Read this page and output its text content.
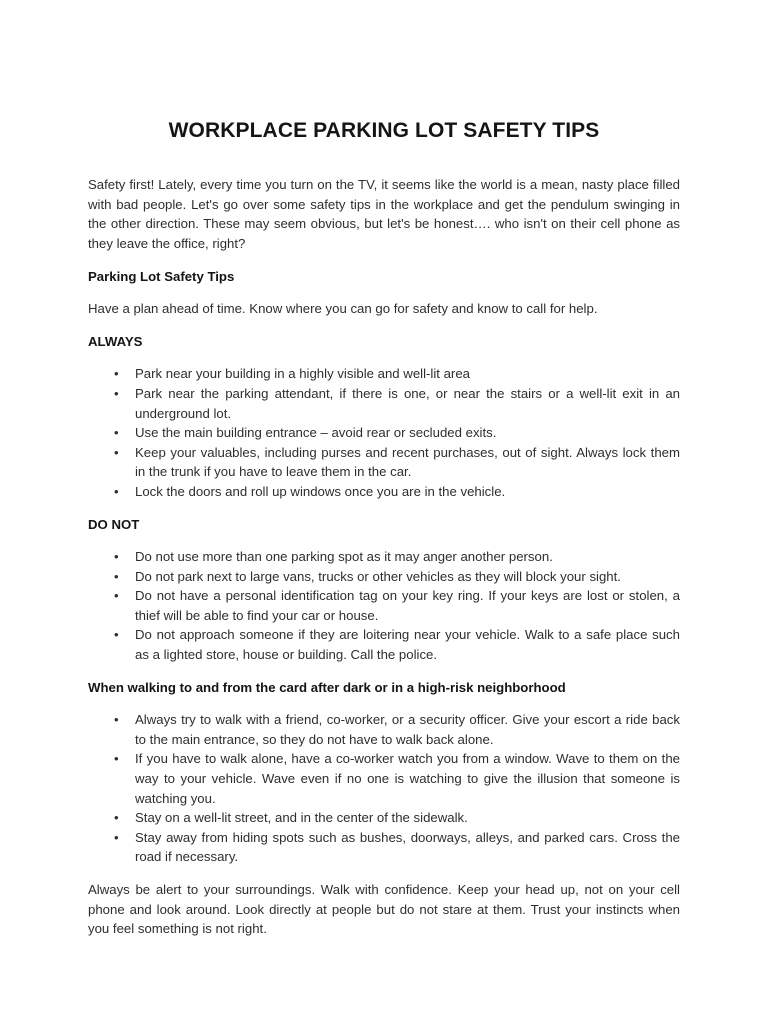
WORKPLACE PARKING LOT SAFETY TIPS

Safety first! Lately, every time you turn on the TV, it seems like the world is a mean, nasty place filled with bad people. Let's go over some safety tips in the workplace and get the pendulum swinging in the other direction. These may seem obvious, but let's be honest…. who isn't on their cell phone as they leave the office, right?

Parking Lot Safety Tips

Have a plan ahead of time. Know where you can go for safety and know to call for help.

ALWAYS
• Park near your building in a highly visible and well-lit area
• Park near the parking attendant, if there is one, or near the stairs or a well-lit exit in an underground lot.
• Use the main building entrance – avoid rear or secluded exits.
• Keep your valuables, including purses and recent purchases, out of sight. Always lock them in the trunk if you have to leave them in the car.
• Lock the doors and roll up windows once you are in the vehicle.
DO NOT
• Do not use more than one parking spot as it may anger another person.
• Do not park next to large vans, trucks or other vehicles as they will block your sight.
• Do not have a personal identification tag on your key ring. If your keys are lost or stolen, a thief will be able to find your car or house.
• Do not approach someone if they are loitering near your vehicle. Walk to a safe place such as a lighted store, house or building. Call the police.
When walking to and from the card after dark or in a high-risk neighborhood
• Always try to walk with a friend, co-worker, or a security officer. Give your escort a ride back to the main entrance, so they do not have to walk back alone.
• If you have to walk alone, have a co-worker watch you from a window. Wave to them on the way to your vehicle. Wave even if no one is watching to give the illusion that someone is watching you.
• Stay on a well-lit street, and in the center of the sidewalk.
• Stay away from hiding spots such as bushes, doorways, alleys, and parked cars. Cross the road if necessary.

Always be alert to your surroundings. Walk with confidence. Keep your head up, not on your cell phone and look around. Look directly at people but do not stare at them. Trust your instincts when you feel something is not right.
